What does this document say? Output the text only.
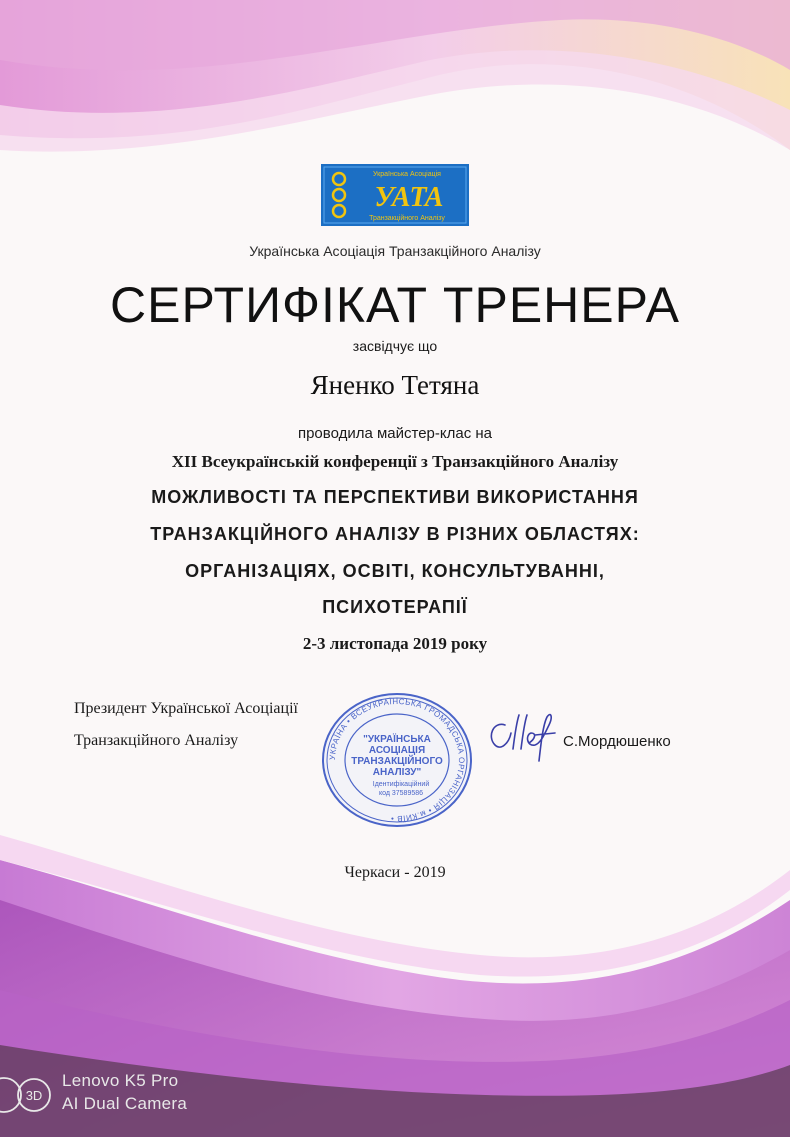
Українська Асоціація
УАТА
Транзакційного Аналізу
Українська Асоціація Транзакційного Аналізу
СЕРТИФІКАТ ТРЕНЕРА
засвідчує що
Яненко Тетяна
проводила майстер-клас на
XII Всеукраїнській конференції з Транзакційного Аналізу
МОЖЛИВОСТІ ТА ПЕРСПЕКТИВИ ВИКОРИСТАННЯ
ТРАНЗАКЦІЙНОГО АНАЛІЗУ В РІЗНИХ ОБЛАСТЯХ:
ОРГАНІЗАЦІЯХ, ОСВІТІ, КОНСУЛЬТУВАННІ,
ПСИХОТЕРАПІЇ
2-3 листопада 2019 року
Президент Української Асоціації
Транзакційного Аналізу
УКРАЇНА • ВСЕУКРАЇНСЬКА ГРОМАДСЬКА ОРГАНІЗАЦІЯ • м.КИЇВ •
"УКРАЇНСЬКА
АСОЦІАЦІЯ
ТРАНЗАКЦІЙНОГО
АНАЛІЗУ"
Ідентифікаційний
код 37589586
С.Мордюшенко
Черкаси - 2019
3D
Lenovo K5 Pro
AI Dual Camera
